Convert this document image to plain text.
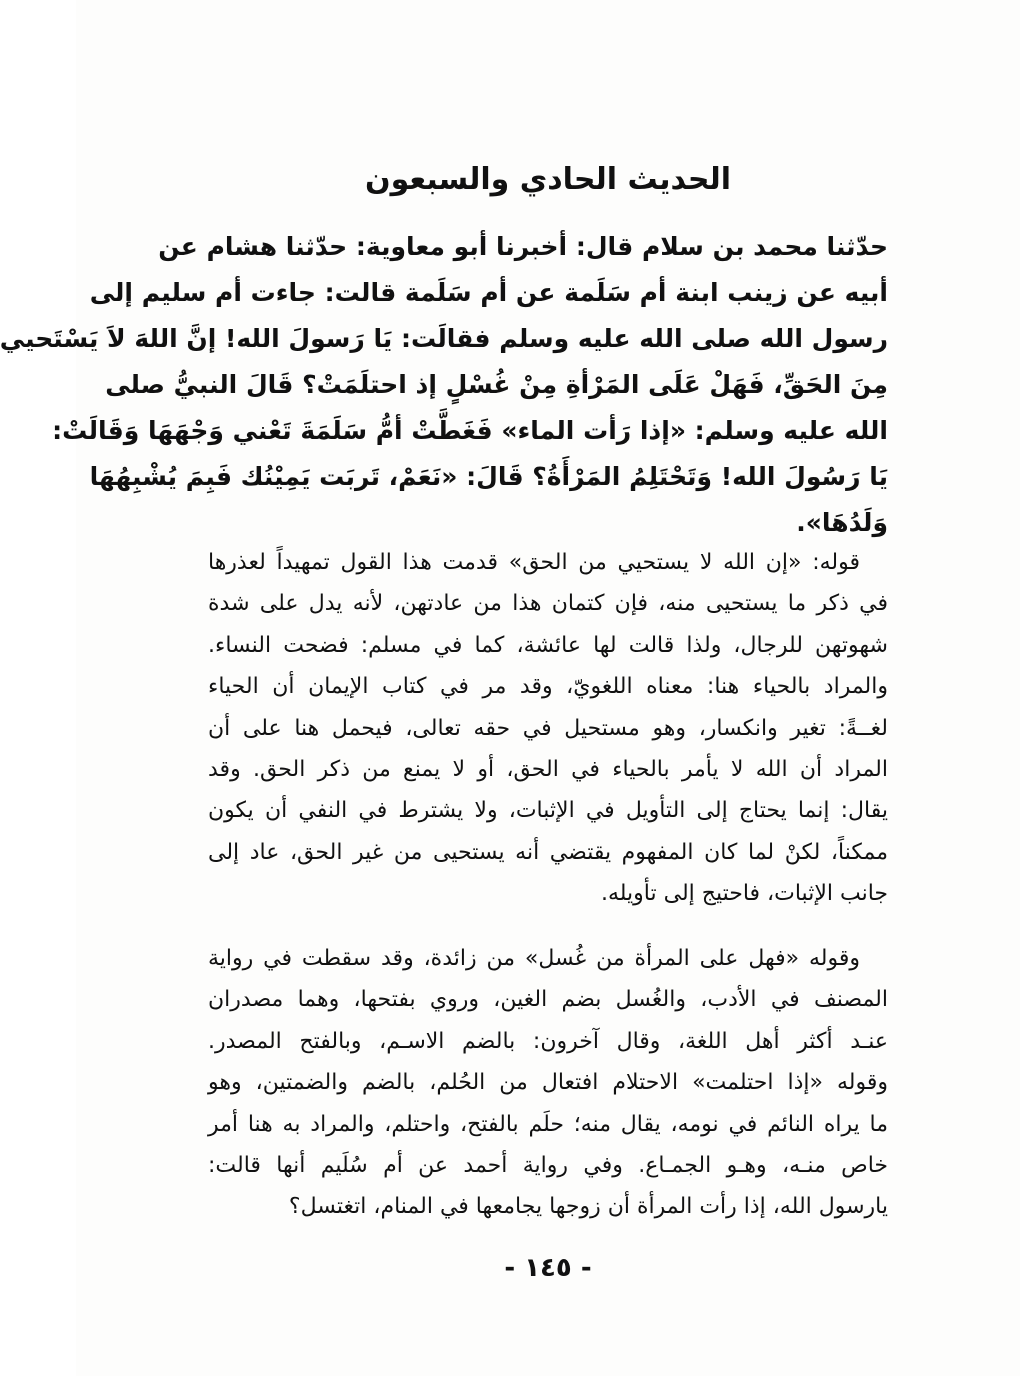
الحديث الحادي والسبعون
حدّثنا محمد بن سلام قال: أخبرنا أبو معاوية: حدّثنا هشام عن
أبيه عن زينب ابنة أم سَلَمة عن أم سَلَمة قالت: جاءت أم سليم إلى
رسول الله صلى الله عليه وسلم فقالَت: يَا رَسولَ الله! إنَّ اللهَ لاَ يَسْتَحيي
مِنَ الحَقِّ، فَهَلْ عَلَى المَرْأةِ مِنْ غُسْلٍ إذ احتلَمَتْ؟ قَالَ النبيُّ صلى
الله عليه وسلم: «إذا رَأت الماء» فَغَطَّتْ أمُّ سَلَمَةَ تَعْني وَجْهَهَا وَقَالَتْ:
يَا رَسُولَ الله! وَتَحْتَلِمُ المَرْأَةُ؟ قَالَ: «نَعَمْ، تَربَت يَمِيْنُك فَبِمَ يُشْبِهُهَا
وَلَدُهَا».
قوله: «إن الله لا يستحيي من الحق» قدمت هذا القول تمهيداً لعذرها
في ذكر ما يستحيى منه، فإن كتمان هذا من عادتهن، لأنه يدل على شدة
شهوتهن للرجال، ولذا قالت لها عائشة، كما في مسلم: فضحت النساء.
والمراد بالحياء هنا: معناه اللغويّ، وقد مر في كتاب الإيمان أن الحياء
لغــةً: تغير وانكسار، وهو مستحيل في حقه تعالى، فيحمل هنا على أن
المراد أن الله لا يأمر بالحياء في الحق، أو لا يمنع من ذكر الحق. وقد
يقال: إنما يحتاج إلى التأويل في الإثبات، ولا يشترط في النفي أن يكون
ممكناً، لكنْ لما كان المفهوم يقتضي أنه يستحيى من غير الحق، عاد إلى
جانب الإثبات، فاحتيج إلى تأويله.
وقوله «فهل على المرأة من غُسل» من زائدة، وقد سقطت في رواية
المصنف في الأدب، والغُسل بضم الغين، وروي بفتحها، وهما مصدران
عنـد أكثر أهل اللغة، وقال آخرون: بالضم الاسـم، وبالفتح المصدر.
وقوله «إذا احتلمت» الاحتلام افتعال من الحُلم، بالضم والضمتين، وهو
ما يراه النائم في نومه، يقال منه؛ حلَم بالفتح، واحتلم، والمراد به هنا أمر
خاص منـه، وهـو الجمـاع. وفي رواية أحمد عن أم سُلَيم أنها قالت:
يارسول الله، إذا رأت المرأة أن زوجها يجامعها في المنام، اتغتسل؟
- ١٤٥ -
